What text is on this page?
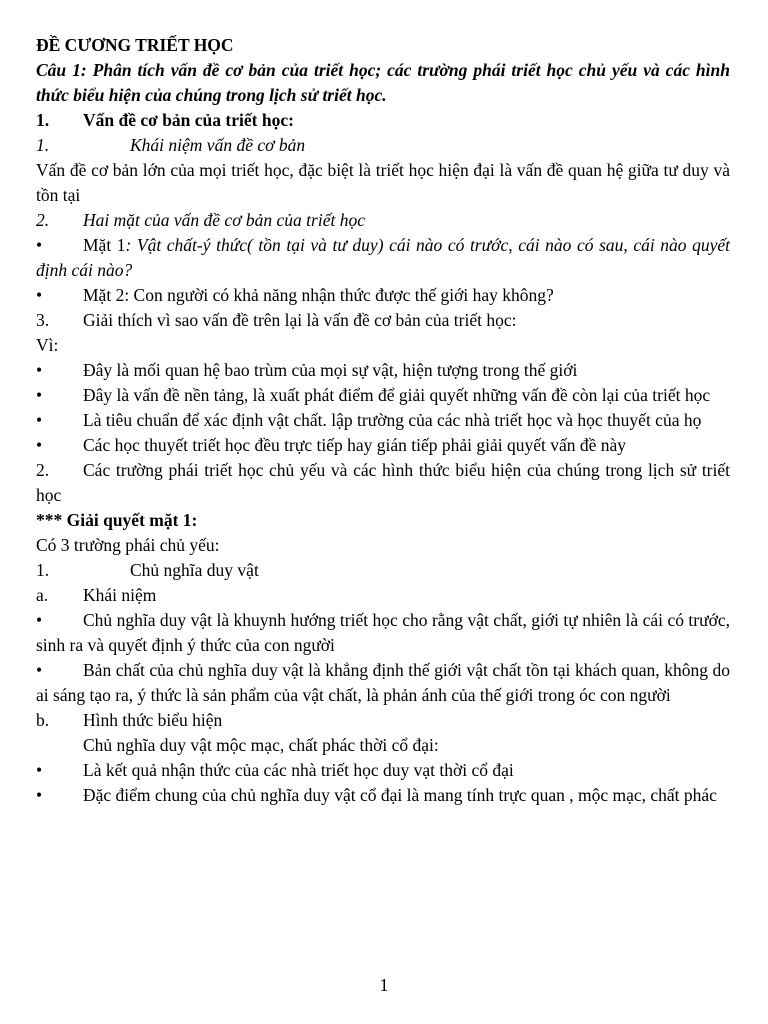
ĐỀ CƯƠNG TRIẾT HỌC
Câu 1: Phân tích vấn đề cơ bản của triết học; các trường phái triết học chủ yếu và các hình thức biểu hiện của chúng trong lịch sử triết học.
1. Vấn đề cơ bản của triết học:
1.	Khái niệm vấn đề cơ bản
Vấn đề cơ bản lớn của mọi triết học, đặc biệt là triết học hiện đại là vấn đề quan hệ giữa tư duy và tồn tại
2. Hai mặt của vấn đề cơ bản của triết học
• Mặt 1: Vật chất-ý thức( tồn tại và tư duy) cái nào có trước, cái nào có sau, cái nào quyết định cái nào?
• Mặt 2: Con người có khả năng nhận thức được thế giới hay không?
3. Giải thích vì sao vấn đề trên lại là vấn đề cơ bản của triết học:
Vì:
• Đây là mối quan hệ bao trùm của mọi sự vật, hiện tượng trong thế giới
• Đây là vấn đề nền tảng, là xuất phát điểm để giải quyết những vấn đề còn lại của triết học
• Là tiêu chuẩn để xác định vật chất. lập trường của các nhà triết học và học thuyết của họ
• Các học thuyết triết học đều trực tiếp hay gián tiếp phải giải quyết vấn đề này
2. Các trường phái triết học chủ yếu và các hình thức biểu hiện của chúng trong lịch sử triết học
*** Giải quyết mặt 1:
Có 3 trường phái chủ yếu:
1.	Chủ nghĩa duy vật
a. Khái niệm
• Chủ nghĩa duy vật là khuynh hướng triết học cho rằng vật chất, giới tự nhiên là cái có trước, sinh ra và quyết định ý thức của con người
• Bản chất của chủ nghĩa duy vật là khẳng định thế giới vật chất tồn tại khách quan, không do ai sáng tạo ra, ý thức là sản phẩm của vật chất, là phản ánh của thế giới trong óc con người
b. Hình thức biểu hiện
Chủ nghĩa duy vật mộc mạc, chất phác thời cổ đại:
• Là kết quả nhận thức của các nhà triết học duy vạt thời cổ đại
• Đặc điểm chung của chủ nghĩa duy vật cổ đại là mang tính trực quan , mộc mạc, chất phác
1
